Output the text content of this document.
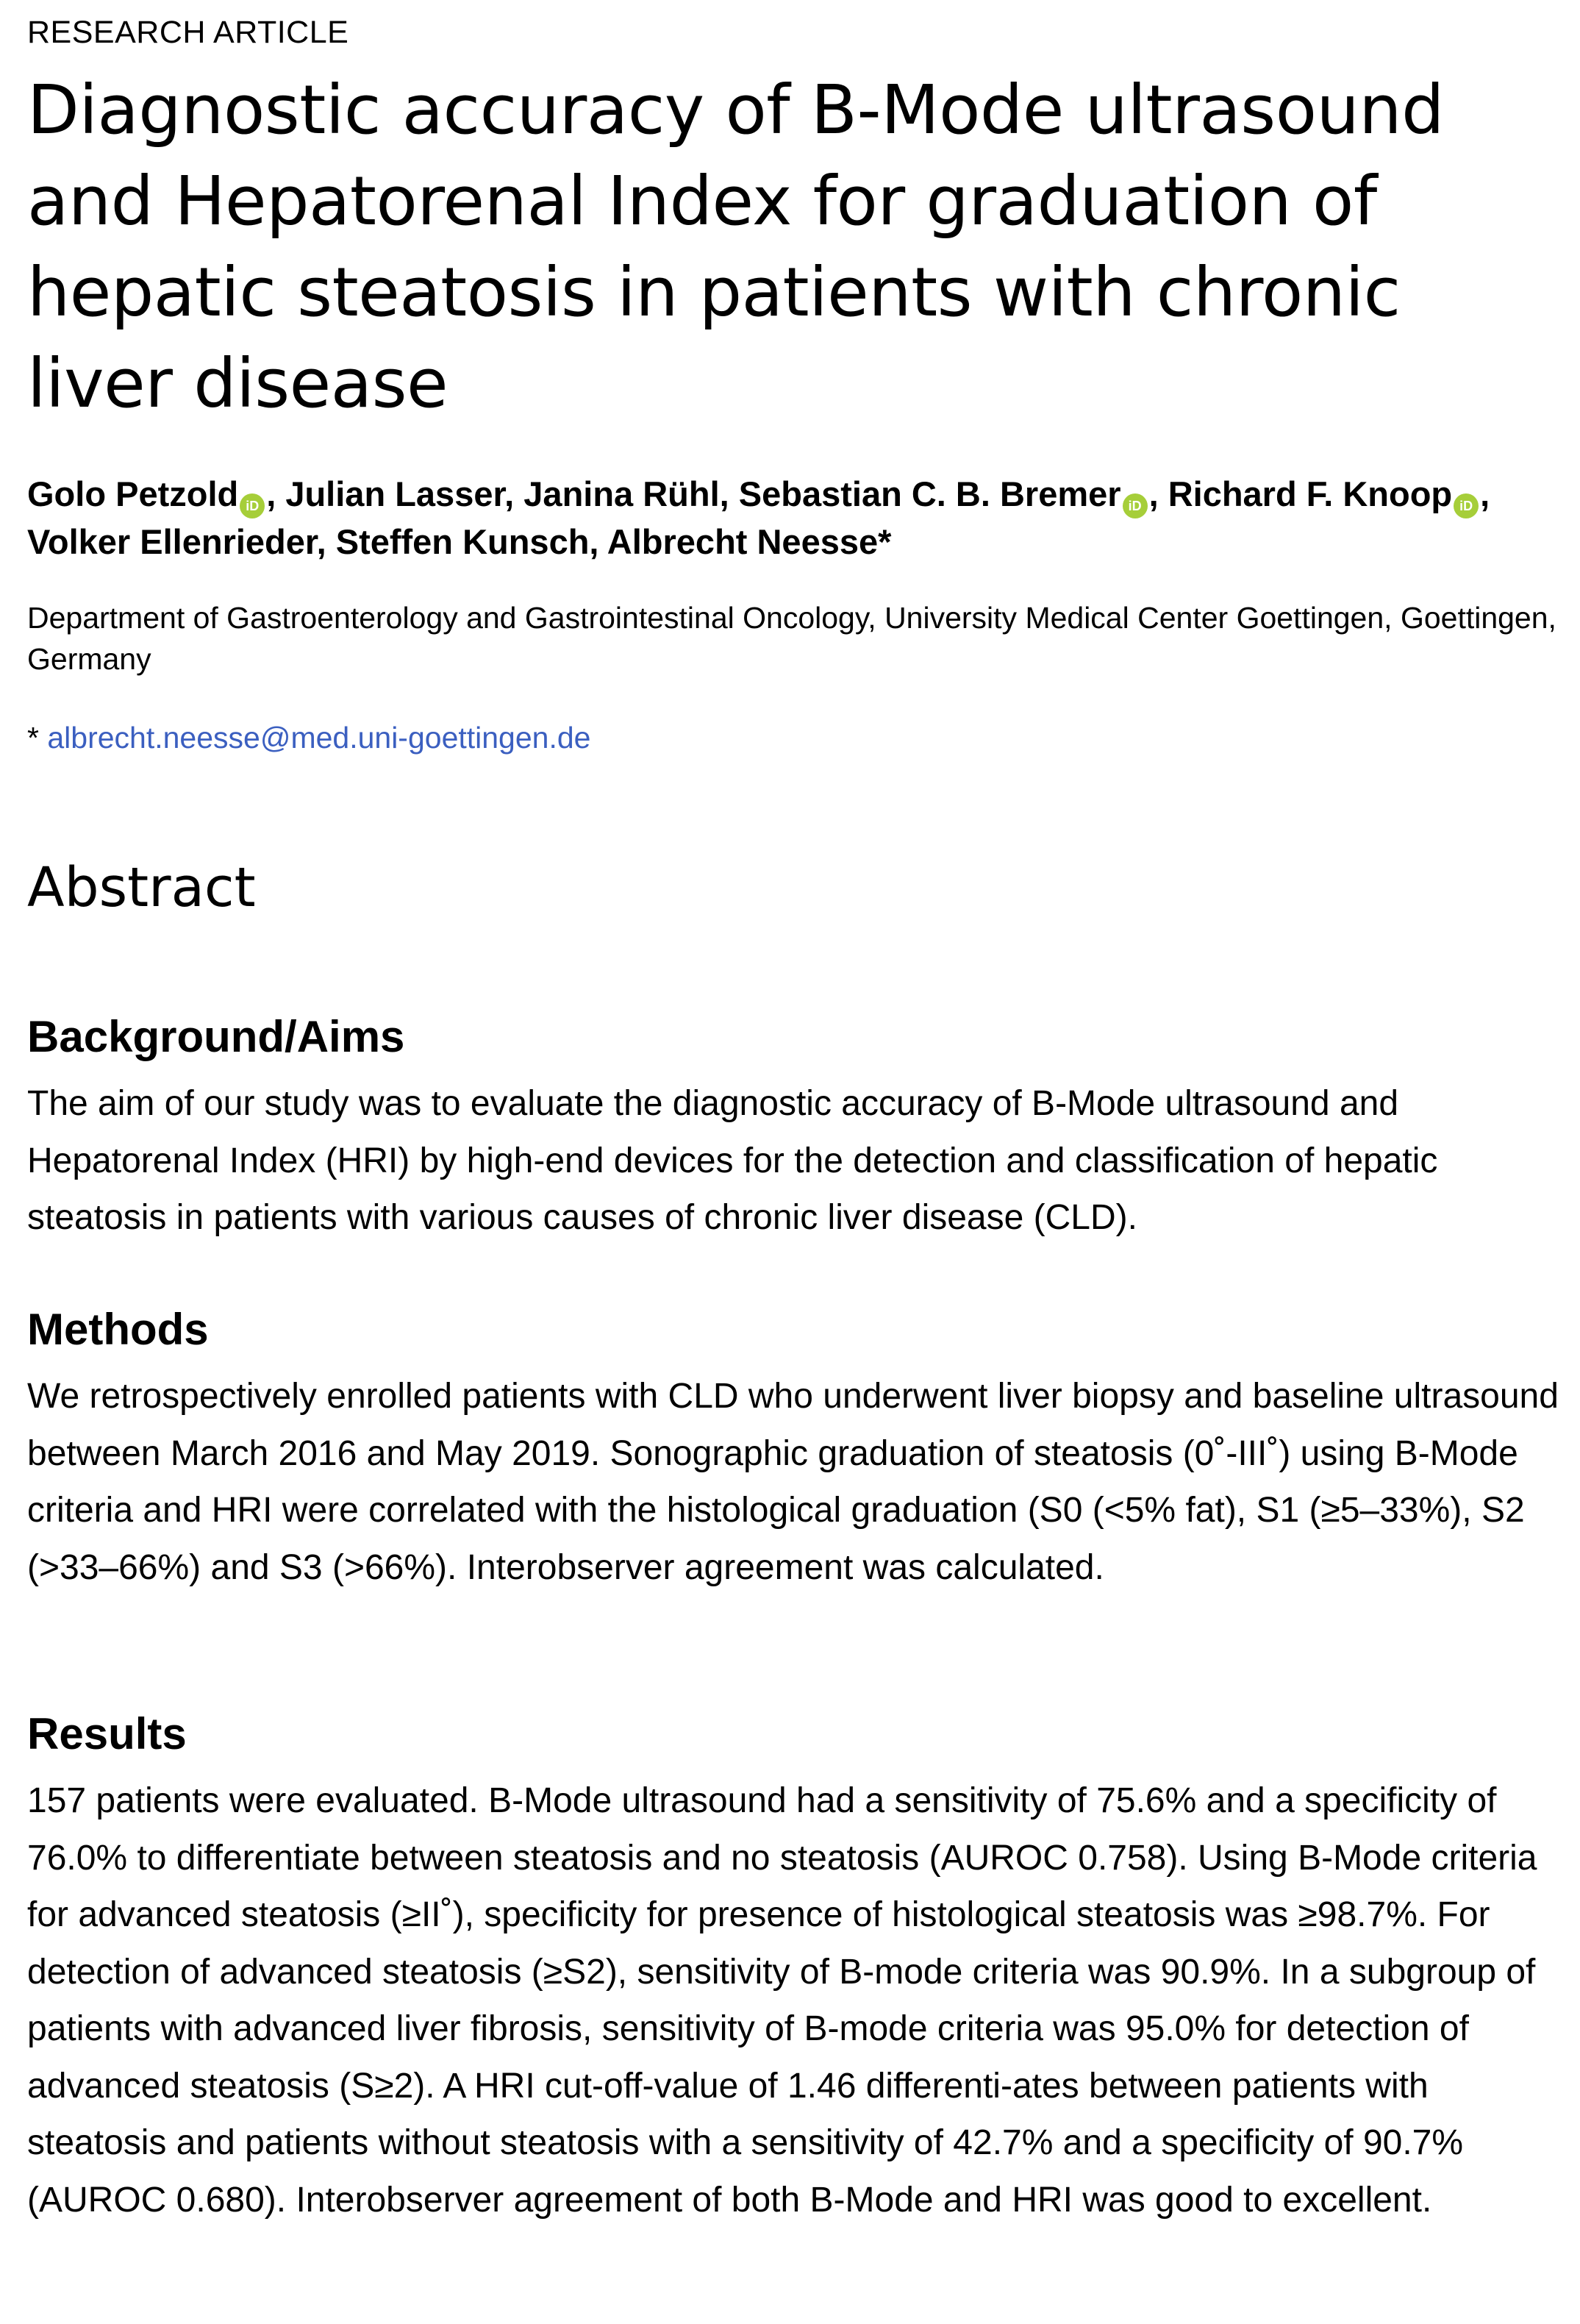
RESEARCH ARTICLE
Diagnostic accuracy of B-Mode ultrasound and Hepatorenal Index for graduation of hepatic steatosis in patients with chronic liver disease
Golo Petzold iD , Julian Lasser, Janina Rühl, Sebastian C. B. Bremer iD , Richard F. Knoop iD ,
Volker Ellenrieder, Steffen Kunsch, Albrecht Neesse*
Department of Gastroenterology and Gastrointestinal Oncology, University Medical Center Goettingen, Goettingen, Germany
* albrecht.neesse@med.uni-goettingen.de
Abstract
Background/Aims

The aim of our study was to evaluate the diagnostic accuracy of B-Mode ultrasound and Hepatorenal Index (HRI) by high-end devices for the detection and classification of hepatic steatosis in patients with various causes of chronic liver disease (CLD).

Methods

We retrospectively enrolled patients with CLD who underwent liver biopsy and baseline ultrasound between March 2016 and May 2019. Sonographic graduation of steatosis (0˚-III˚) using B-Mode criteria and HRI were correlated with the histological graduation (S0 (<5% fat), S1 (≥5–33%), S2 (>33–66%) and S3 (>66%). Interobserver agreement was calculated.

Results

157 patients were evaluated. B-Mode ultrasound had a sensitivity of 75.6% and a specificity of 76.0% to differentiate between steatosis and no steatosis (AUROC 0.758). Using B-Mode criteria for advanced steatosis (≥II˚), specificity for presence of histological steatosis was ≥98.7%. For detection of advanced steatosis (≥S2), sensitivity of B-mode criteria was 90.9%. In a subgroup of patients with advanced liver fibrosis, sensitivity of B-mode criteria was 95.0% for detection of advanced steatosis (S≥2). A HRI cut-off-value of 1.46 differenti-ates between patients with steatosis and patients without steatosis with a sensitivity of 42.7% and a specificity of 90.7% (AUROC 0.680). Interobserver agreement of both B-Mode and HRI was good to excellent.
